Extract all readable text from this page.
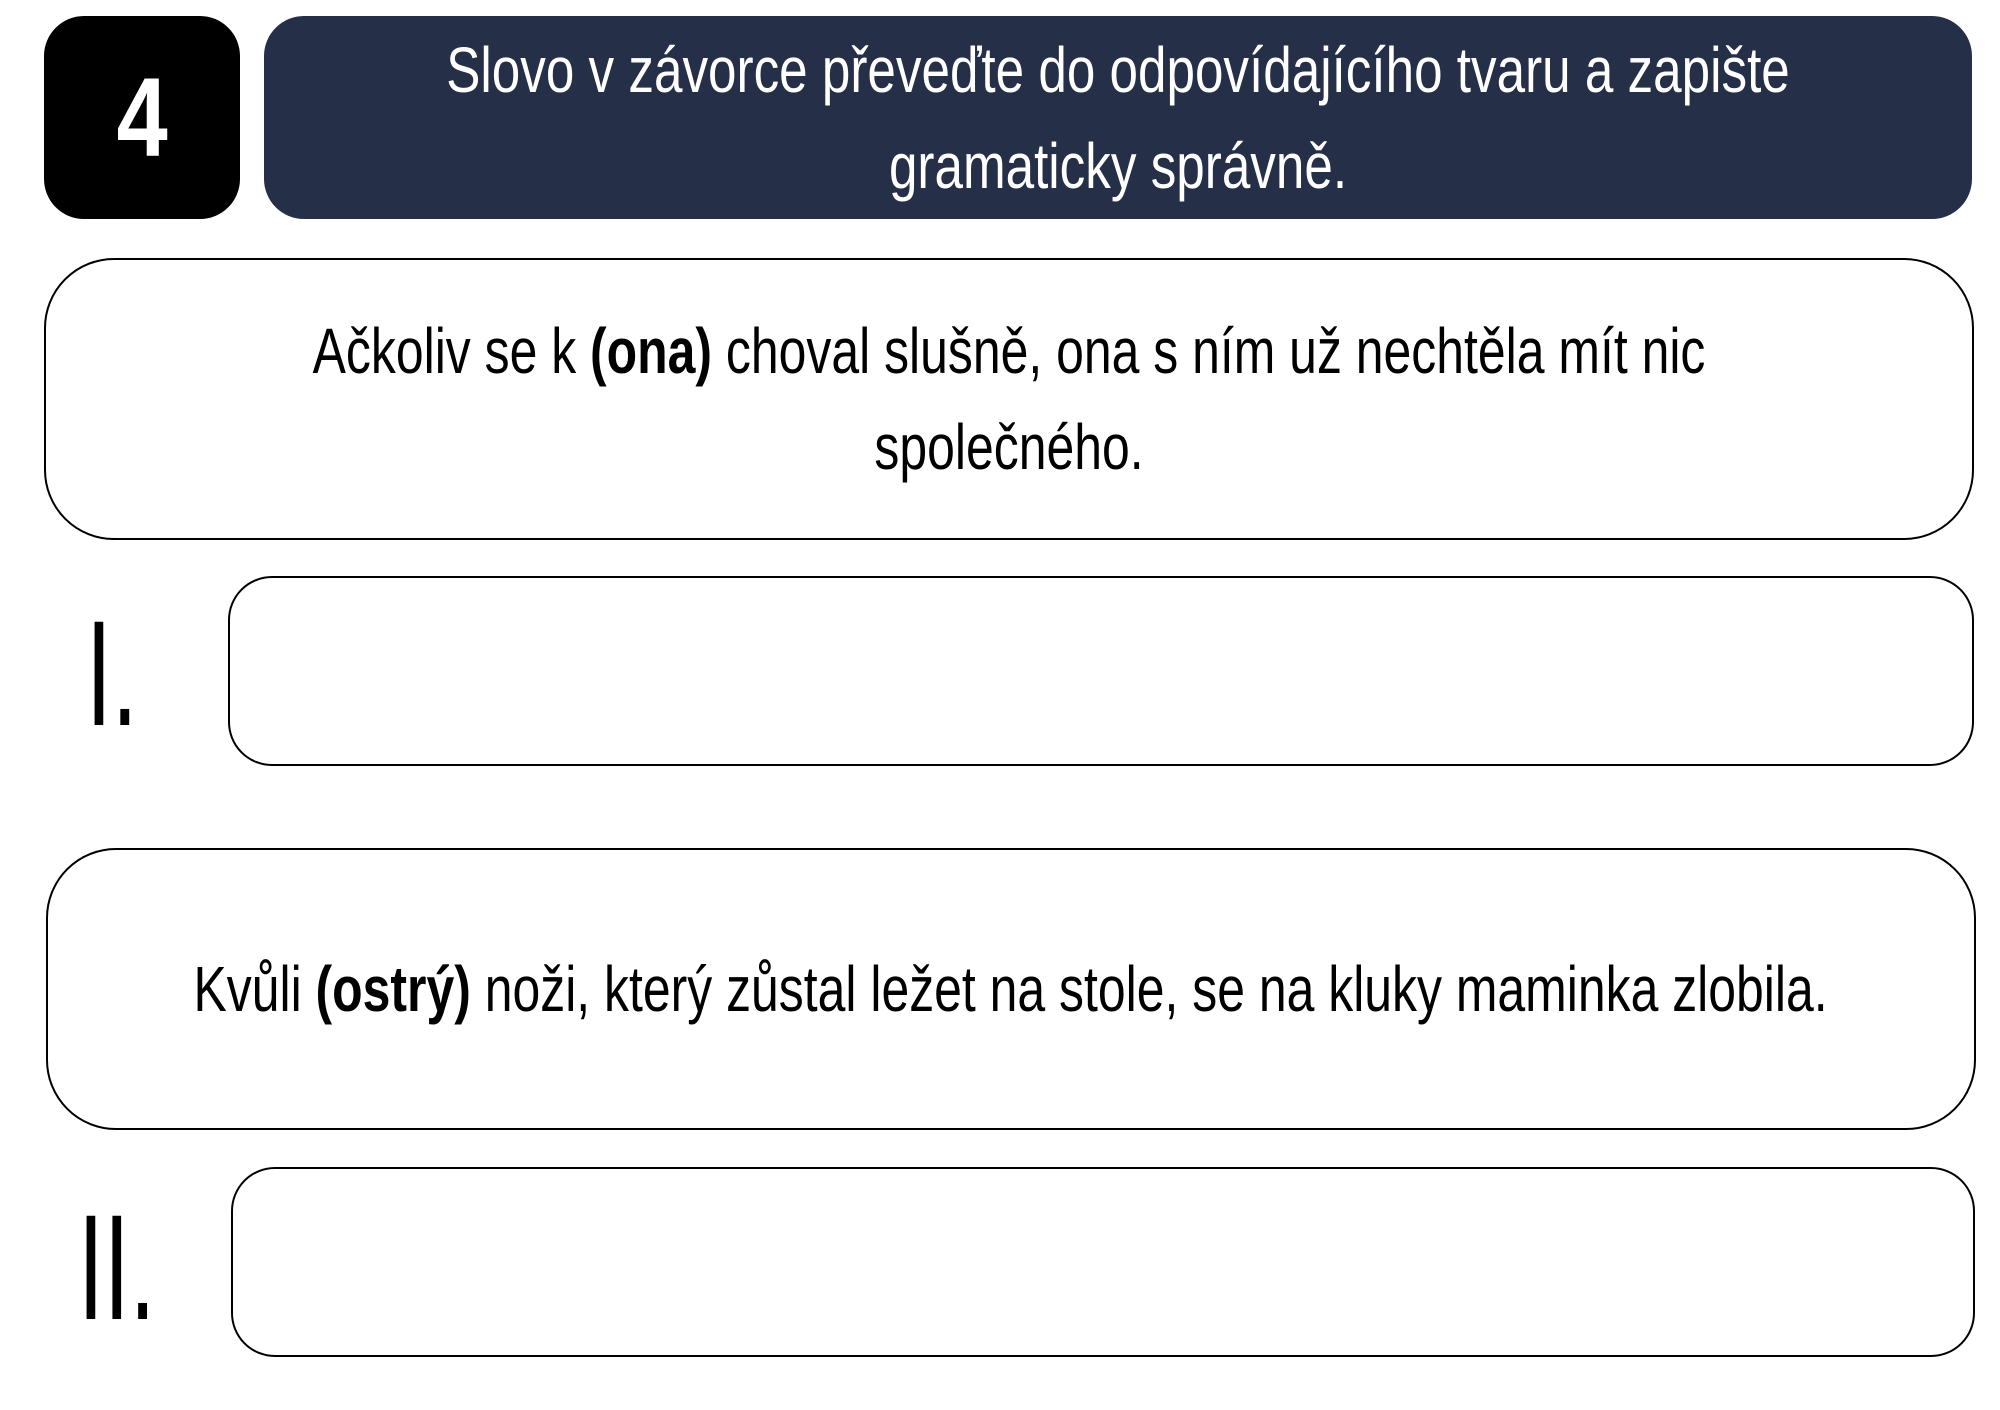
4	Slovo v závorce převeďte do odpovídajícího tvaru a zapište gramaticky správně.
Ačkoliv se k (ona) choval slušně, ona s ním už nechtěla mít nic společného.
I.
Kvůli (ostrý) noži, který zůstal ležet na stole, se na kluky maminka zlobila.
II.
